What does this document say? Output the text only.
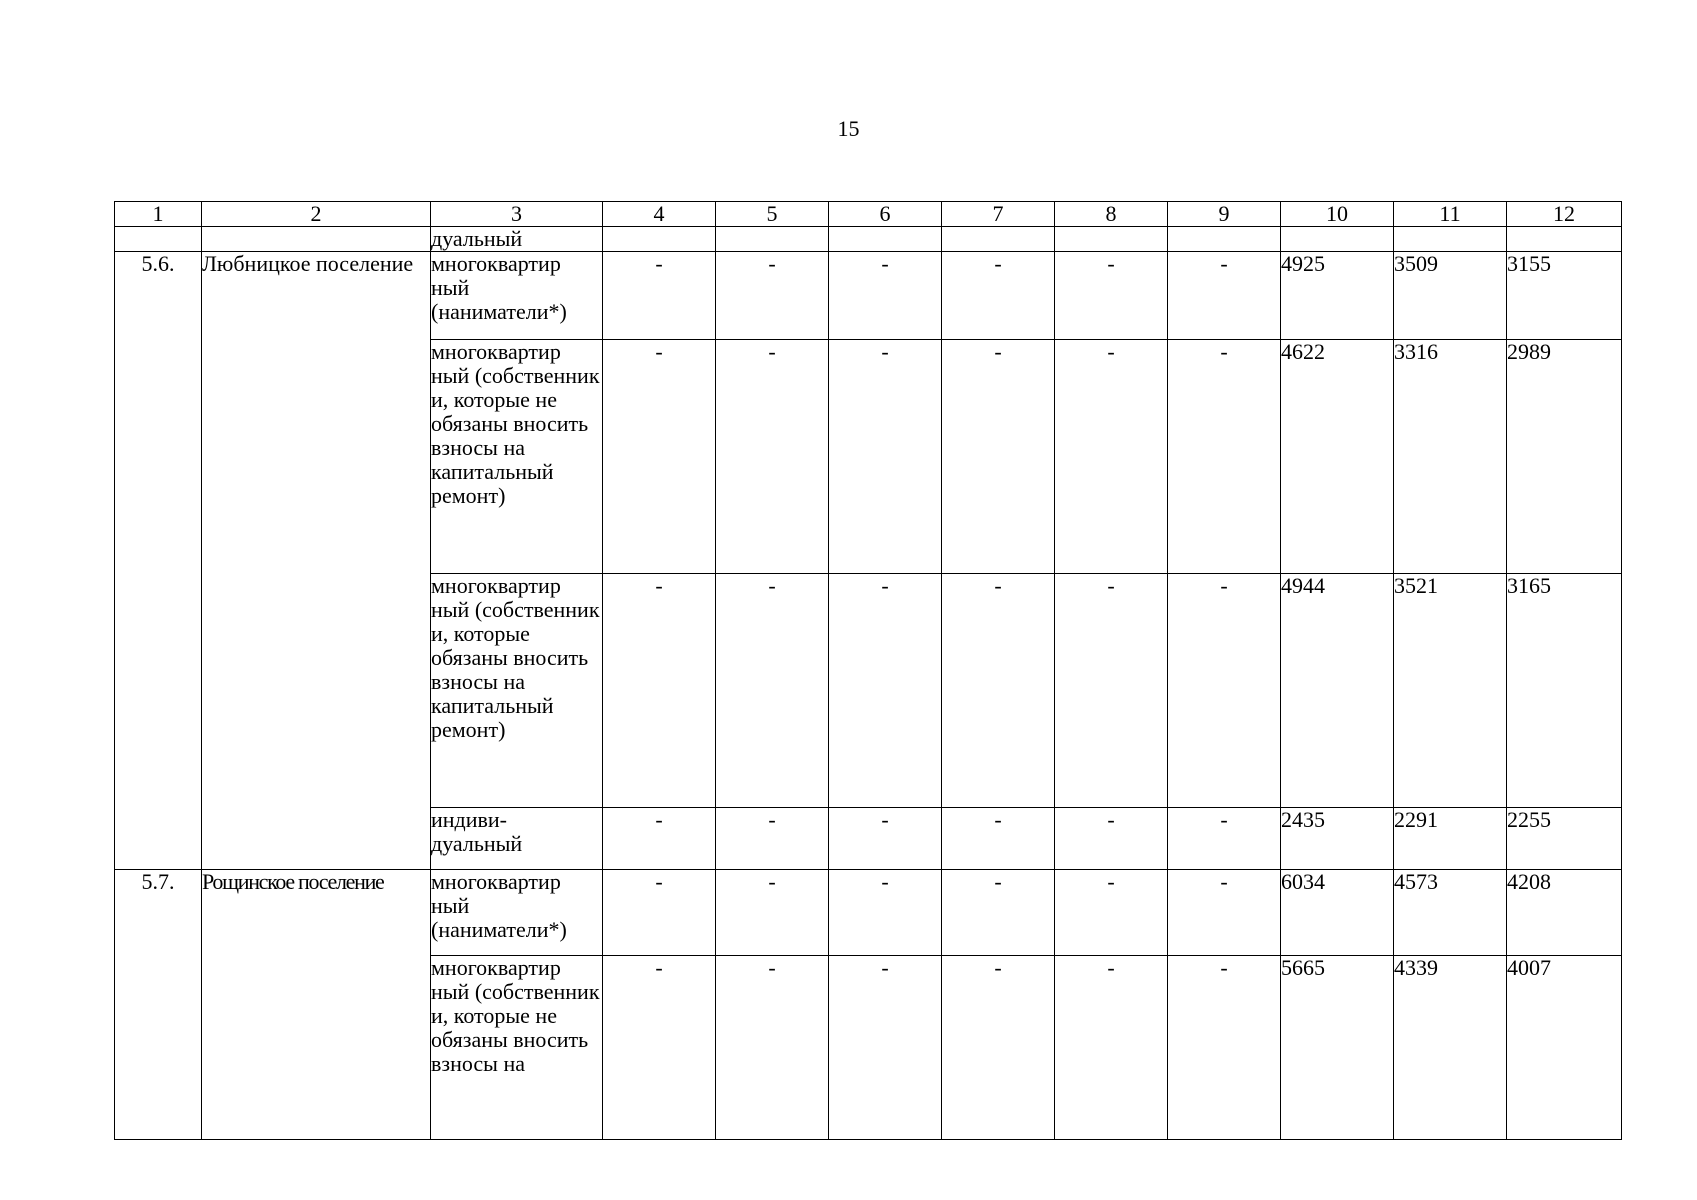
15
1	2	3	4	5	6	7	8	9	10	11	12
		дуальный									
5.6.	Любницкое поселение	многоквартир ный (наниматели*)	-	-	-	-	-	-	4925	3509	3155
		многоквартир ный (собственник и, которые не обязаны вносить взносы на капитальный ремонт)	-	-	-	-	-	-	4622	3316	2989
		многоквартир ный (собственник и, которые обязаны вносить взносы на капитальный ремонт)	-	-	-	-	-	-	4944	3521	3165
		индиви- дуальный	-	-	-	-	-	-	2435	2291	2255
5.7.	Рощинское поселение	многоквартир ный (наниматели*)	-	-	-	-	-	-	6034	4573	4208
		многоквартир ный (собственник и, которые не обязаны вносить взносы на	-	-	-	-	-	-	5665	4339	4007
